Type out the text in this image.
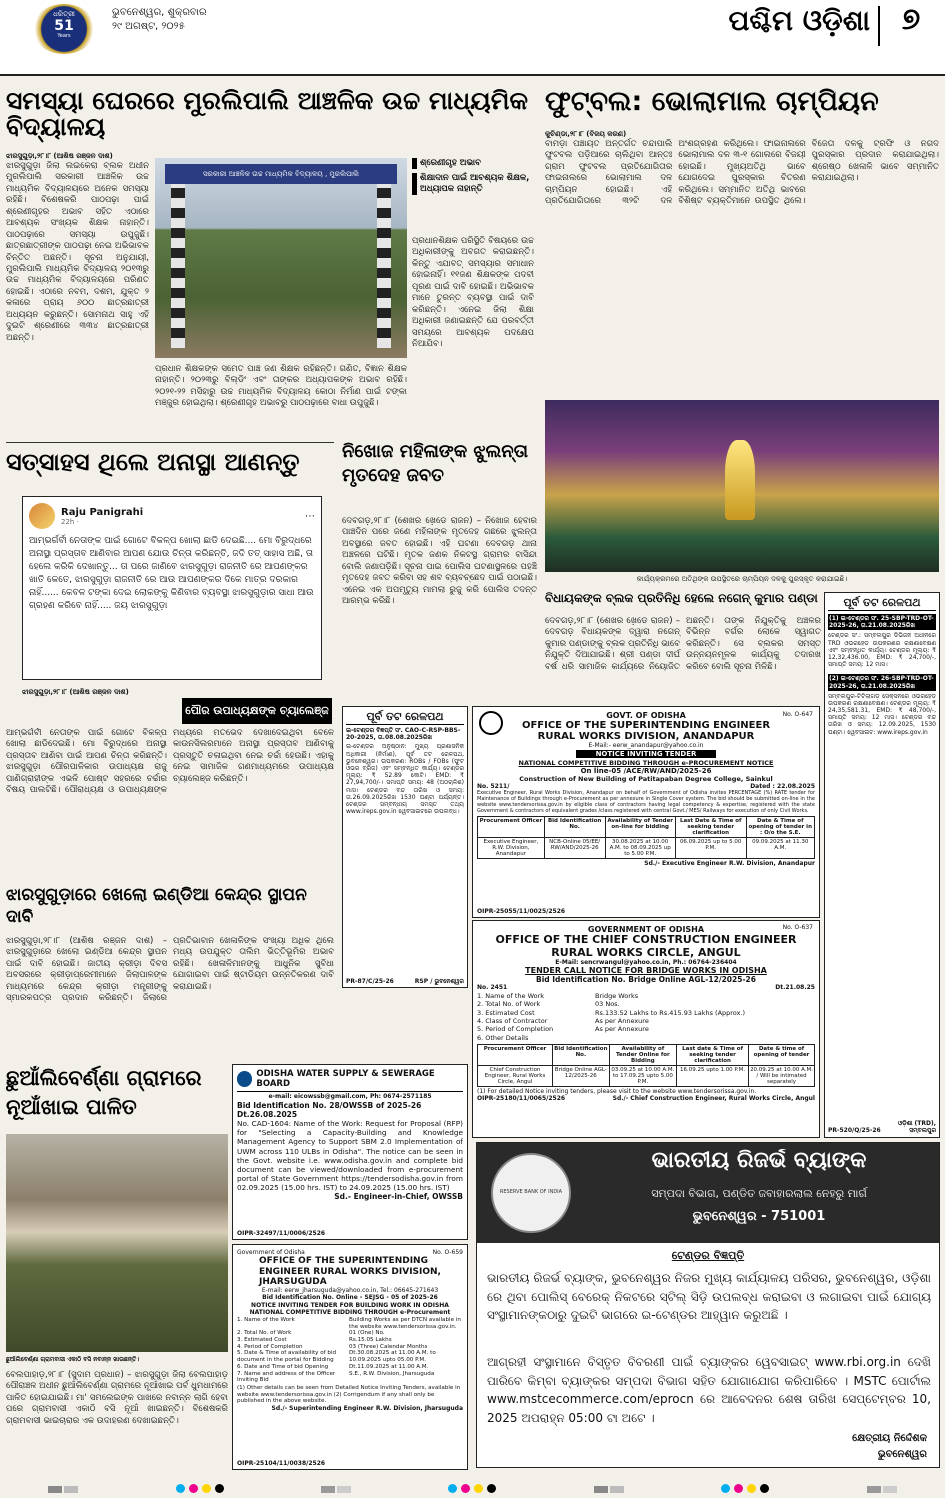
ଧରିତ୍ରୀ
51
Years
ଭୁବନେଶ୍ୱର, ଶୁକ୍ରବାର
୨୯ ଅଗଷ୍ଟ, ୨୦୨୫	ପଶ୍ଚିମ ଓଡ଼ିଶା	୭
ସମସ୍ୟା ଘେରରେ ମୁରଲିପାଲି ଆଞ୍ଚଳିକ ଉଚ୍ଚ ମାଧ୍ୟମିକ ବିଦ୍ୟାଳୟ
ଝାରସୁଗୁଡ଼ା,୨୮।୮ (ଆଶିଷ ରଞ୍ଜନ ଦାଶ)
ଝାରସୁଗୁଡ଼ା ଜିଲା ଲଇକେରା ବ୍ଲକ ଅଧୀନ ମୁରଲିପାଲି ସରକାରୀ ଆଞ୍ଚଳିକ ଉଚ୍ଚ ମାଧ୍ୟମିକ ବିଦ୍ୟାଳୟରେ ଅନେକ ସମସ୍ୟା ରହିଛି। ବିଶେଷକରି ପାଠପଢ଼ା ପାଇଁ ଶ୍ରେଣୀଗୃହର ଅଭାବ ସହିତ ଏଠାରେ ଆବଶ୍ୟକ ସଂଖ୍ୟକ ଶିକ୍ଷକ ନାହାନ୍ତି। ପାଠପଢ଼ାରେ ସମସ୍ୟା ଉପୁଜୁଛି। ଛାତ୍ରଛାତ୍ରୀଙ୍କ ପାଠପଢ଼ା ନେଇ ଅଭିଭାବକ ଚିନ୍ତିତ ଅଛନ୍ତି। ସୂଚନା ଅନୁଯାୟୀ, ମୁରଲିପାଲି ମାଧ୍ୟମିକ ବିଦ୍ୟାଳୟ ୨୦୧୩ରୁ ଉଚ୍ଚ ମାଧ୍ୟମିକ ବିଦ୍ୟାଳୟରେ ପରିଣତ ହୋଇଛି। ଏଠାରେ ନବମ, ଦଶମ, ଯୁକ୍ତ ୨ କଳାରେ ପ୍ରାୟ ୬୦୦ ଛାତ୍ରଛାତ୍ରୀ ଅଧ୍ୟୟନ କରୁଛନ୍ତି। ସୋମନାଥ ସାହୁ ଏହି ଦୁଇଟି ଶ୍ରେଣୀରେ ୩୩୪ ଛାତ୍ରଛାତ୍ରୀ ଅଛନ୍ତି।
ସରକାରୀ ଆଞ୍ଚଳିକ ଉଚ୍ଚ ମାଧ୍ୟମିକ ବିଦ୍ୟାଳୟ , ମୁରଲିପାଲି
ଶ୍ରେଣୀଗୃହ ଅଭାବ
ଶିକ୍ଷାଦାନ ପାଇଁ ଆବଶ୍ୟକ ଶିକ୍ଷକ, ଅଧ୍ୟାପକ ନାହାନ୍ତି
ପ୍ରଧାନଶିକ୍ଷକ ପରିସ୍ଥିତି ବିଷୟରେ ଉଚ୍ଚ ଅଧିକାରୀଙ୍କୁ ଅବଗତ କରାଇଛନ୍ତି। କିନ୍ତୁ ଏଯାବତ୍ ସମସ୍ୟାର ସମାଧାନ ହୋଇନାହିଁ। ୧୧ଜଣ ଶିକ୍ଷକଙ୍କ ପଦବୀ ପୂରଣ ପାଇଁ ଦାବି ହୋଇଛି। ଅଭିଭାବକ ମାନେ ତୁରନ୍ତ ବ୍ୟବସ୍ଥା ପାଇଁ ଦାବି କରିଛନ୍ତି। ଏନେଇ ଜିଲା ଶିକ୍ଷା ଅଧିକାରୀ ଜଣାଇଛନ୍ତି ଯେ ପରବର୍ତ୍ତୀ ସମୟରେ ଆବଶ୍ୟକ ପଦକ୍ଷେପ ନିଆଯିବ।
ପ୍ରଧାନ ଶିକ୍ଷକଙ୍କ ସମେତ ପାଞ୍ଚ ଜଣ ଶିକ୍ଷକ ରହିଛନ୍ତି। ଗଣିତ, ବିଜ୍ଞାନ ଶିକ୍ଷକ ନାହାନ୍ତି। ୨୦୨୩ରୁ ବିଲ୍ଡିଂ ଏବଂ ତାଙ୍କର ଅଧ୍ୟାପକଙ୍କ ଅଭାବ ରହିଛି। ୨୦୨୧-୨୨ ମସିହାରୁ ଉଚ୍ଚ ମାଧ୍ୟମିକ ବିଦ୍ୟାଳୟ କୋଠା ନିର୍ମାଣ ପାଇଁ ଟଙ୍କା ମଞ୍ଜୁର ହୋଇଥିଲା। ଶ୍ରେଣୀଗୃହ ଅଭାବରୁ ପାଠପଢ଼ାରେ ବାଧା ଉପୁଜୁଛି।
ଫୁଟ୍‌ବଲ: ଭୋଲାମାଲ ଚାମ୍ପିୟନ
କୁଚିଣ୍ଡା,୨୮।୮ (ବିଜୟ କରଣ)
ବାମଡ଼ା ପଞ୍ଚାୟତ ଅନ୍ତର୍ଗତ ଚନ୍ଦାପାଲି ଫୁଟବଲ ପଡ଼ିଆରେ ଚାଲିଥିବା ଆନ୍ତଃ ଗ୍ରାମ ଫୁଟବଲ ପ୍ରତିଯୋଗିତାର ଫାଇନାଲରେ ଭୋଲାମାଲ ଦଳ ଚାମ୍ପିୟନ ହୋଇଛି। ଏହି ପ୍ରତିଯୋଗିତାରେ ୩୨ଟି ଦଳ ଅଂଶଗ୍ରହଣ କରିଥିଲେ। ଫାଇନାଲରେ ଭୋଲାମାଲ ଦଳ ୩-୧ ଗୋଲରେ ବିଜୟୀ ହୋଇଛି। ମୁଖ୍ୟଅତିଥି ଭାବେ ଯୋଗଦେଇ ପୁରସ୍କାର ବିତରଣ କରିଥିଲେ। ସମ୍ମାନିତ ଅତିଥି ଭାବରେ ବିଶିଷ୍ଟ ବ୍ୟକ୍ତିମାନେ ଉପସ୍ଥିତ ଥିଲେ। ବିଜେତା ଦଳକୁ ଟ୍ରଫି ଓ ନଗଦ ପୁରସ୍କାର ପ୍ରଦାନ କରାଯାଇଥିଲା। ଶ୍ରେଷ୍ଠ ଖେଳାଳି ଭାବେ ସମ୍ମାନିତ କରାଯାଇଥିଲା।
କାର୍ଯ୍ୟକ୍ରମରେ ଅତିଥିଙ୍କ ଉପସ୍ଥିତରେ ଚାମ୍ପିୟନ ଦଳକୁ ପୁରସ୍କୃତ କରାଯାଇଛି।
ସତ୍‌ସାହସ ଥିଲେ ଅନାସ୍ଥା ଆଣନ୍ତୁ
Raju Panigrahi
22h ·	⋯
ଆମ୍ଭର୍ଗର୍ବୀ ନେତାଙ୍କ ପାଇଁ ଗୋଟେ ବିକଳ୍ପ ଖୋଲା ଛାଡି ଦେଇଛି.... ମୋ ବିରୁଦ୍ଧରେ ଅନାସ୍ଥା ପ୍ରସ୍ତାବ ଆଣିବାର ଆପଣ ଯୋଉ ଚିନ୍ତା କରିଛନ୍ତି, ଜଦି ତତ୍ ସାହାସ ଅଛି, ତା ହେଲେ କରିକି ଦେଖାନ୍ତୁ... ତା ପରେ ଜାଣିବେ ଝାରସୁଗୁଡ଼ା ରାଜନୀତି ରେ ଆପଣଙ୍କର ଖାତି କେତେ, ଝାରସୁଗୁଡ଼ା ରାଜନୀତି ରେ ଆଉ ଆପଣଙ୍କର ଦିକେ ମାତ୍ର ଦରକାର ନାହିଁ...... କେବଳ ଟଙ୍କା ଦେଇ ଲୋକଙ୍କୁ କିଣିବାର ବ୍ୟବସ୍ଥା ଝାରସୁଗୁଡ଼ାର ସାଧା ଆଉ ଗ୍ରହଣ କରିବେ ନାହିଁ..... ଜୟ ଝାରସୁଗୁଡ଼ା
ଝାରସୁଗୁଡ଼ା,୨୮।୮ (ଆଶିଷ ରଞ୍ଜନ ଦାଶ)
ପୌର ଉପାଧ୍ୟକ୍ଷଙ୍କ ଚ୍ୟାଲେଞ୍ଜ
ଆମ୍ଭର୍ଗର୍ବୀ ନେତାଙ୍କ ପାଇଁ ଗୋଟେ ବିକଳ୍ପ ଖୋଲା ଛାଡିଦେଇଛି। ମୋ ବିରୁଦ୍ଧରେ ଅନାସ୍ଥା ପ୍ରସ୍ତାବ ଆଣିବା ପାଇଁ ଆପଣ ଚିନ୍ତା କରିଛନ୍ତି। ଝାରସୁଗୁଡ଼ା ପୌରପାଳିକାର ଉପାଧ୍ୟକ୍ଷ ରାଜୁ ପାଣିଗ୍ରାହୀଙ୍କ ଏଭଳି ପୋଷ୍ଟ ସହରରେ ଚର୍ଚ୍ଚାର ବିଷୟ ପାଲଟିଛି। ପୌରାଧ୍ୟକ୍ଷ ଓ ଉପାଧ୍ୟକ୍ଷଙ୍କ ମଧ୍ୟରେ ମତଭେଦ ଦେଖାଦେଇଥିବା ବେଳେ କାଉନସିଲରମାନେ ଅନାସ୍ଥା ପ୍ରସ୍ତାବ ଆଣିବାକୁ ପ୍ରସ୍ତୁତି ଚଳାଇଥିବା ନେଇ ଚର୍ଚ୍ଚା ହେଉଛି। ଏହାକୁ ନେଇ ସାମାଜିକ ଗଣମାଧ୍ୟମରେ ଉପାଧ୍ୟକ୍ଷ ଚ୍ୟାଲେଞ୍ଜ କରିଛନ୍ତି।
ନିଖୋଜ ମହିଳାଙ୍କ ଝୁଲନ୍ତା ମୃତଦେହ ଜବତ
ଦେବଗଡ଼,୨୮।୮ (ଶେଖର ଖେଡେ଼ ରାଜନ) – ନିଖୋଜ ହେବାର ପାଞ୍ଚଦିନ ପରେ ଜଣେ ମହିଳାଙ୍କ ମୃତଦେହ ଗଛରେ ଝୁଲନ୍ତା ଅବସ୍ଥାରେ ଜବତ ହୋଇଛି। ଏହି ଘଟଣା ଦେବଗଡ଼ ଥାନା ଅଞ୍ଚଳରେ ଘଟିଛି। ମୃତକ ଜଣକ ନିକଟସ୍ଥ ଗ୍ରାମର ବାସିନ୍ଦା ବୋଲି ଜଣାପଡ଼ିଛି। ସୂଚନା ପାଇ ପୋଲିସ ଘଟଣାସ୍ଥଳରେ ପହଞ୍ଚି ମୃତଦେହ ଜବତ କରିବା ସହ ଶବ ବ୍ୟବଚ୍ଛେଦ ପାଇଁ ପଠାଇଛି। ଏନେଇ ଏକ ଅପମୃତ୍ୟୁ ମାମଲା ରୁଜୁ କରି ପୋଲିସ ତଦନ୍ତ ଆରମ୍ଭ କରିଛି।	ବିଧାୟକଙ୍କ ବ୍ଲକ ପ୍ରତିନିଧି ହେଲେ ନଗେନ୍ କୁମାର ପଣ୍ଡା
ଦେବଗଡ଼,୨୮।୮ (ଶେଖର ଖେଡେ଼ ରାଜନ) – ଦେବଗଡ଼ ବିଧାୟକଙ୍କ ଦ୍ୱାରା ନଗେନ୍ କୁମାର ପଣ୍ଡାଙ୍କୁ ବ୍ଲକ ପ୍ରତିନିଧି ଭାବେ ନିଯୁକ୍ତି ଦିଆଯାଇଛି। ଶ୍ରୀ ପଣ୍ଡା ଦୀର୍ଘ ବର୍ଷ ଧରି ସାମାଜିକ କାର୍ଯ୍ୟରେ ନିୟୋଜିତ ଅଛନ୍ତି। ତାଙ୍କ ନିଯୁକ୍ତିକୁ ଅଞ୍ଚଳର ବିଭିନ୍ନ ବର୍ଗର ଲୋକେ ସ୍ୱାଗତ କରିଛନ୍ତି। ସେ ବ୍ଲକର ସମସ୍ତ ଉନ୍ନୟନମୂଳକ କାର୍ଯ୍ୟକୁ ତଦାରଖ କରିବେ ବୋଲି ସୂଚନା ମିଳିଛି।
ପୂର୍ବ ତଟ ରେଳପଥ
ଇ-ଟେଣ୍ଡର ବିଜ୍ଞପ୍ତି ସଂ. CAO-C-RSP-BBS-20-2025, ତା.08.08.2025ରିଖ
ଇ-ଟେଣ୍ଡର ଅନୁଷ୍ଠାନ: ମୁଖ୍ୟ ପ୍ରଶାସନିକ ଅଧିକାରୀ (ନିର୍ମାଣ), ପୂର୍ବ ତଟ ରେଳପଥ, ଭୁବନେଶ୍ୱର। ଉପକରଣ: ROBs / FOBs (ଫୁଟ ଓଭର ବ୍ରିଜ) ଏବଂ ସମ୍ବନ୍ଧିତ କାର୍ଯ୍ୟ। ଟେଣ୍ଡର ମୂଲ୍ୟ: ₹ 52.89 କୋଟି। EMD: ₹ 27,94,700/-। ସମାପ୍ତି ସମୟ: 48 (ଅଠଚାଳିଶ) ମାସ। ଟେଣ୍ଡର ବନ୍ଦ ତାରିଖ ଓ ସମୟ: ତା.26.09.2025ରିଖ 1530 ଘଣ୍ଟା ପର୍ଯ୍ୟନ୍ତ। ଟେଣ୍ଡର ସମ୍ବନ୍ଧୀୟ ସମସ୍ତ ତଥ୍ୟ www.ireps.gov.in ୱେବସାଇଟରେ ଉପଲବ୍ଧ।
PR-87/C/25-26	RSP / ଭୁବନେଶ୍ୱର
No. O-647
GOVT. OF ODISHA
OFFICE OF THE SUPERINTENDING ENGINEER RURAL WORKS DIVISION, ANANDAPUR
E-Mail:- eerw_anandapur@yahoo.co.in
NOTICE INVITING TENDER
NATIONAL COMPETITIVE BIDDING THROUGH e-PROCUREMENT NOTICE
On line-05 /ACE/RW/AND/2025-26
Construction of New Building of Patitapaban Degree College, Sainkul
No. 5211/	Dated : 22.08.2025
Executive Engineer, Rural Works Division, Anandapur on behalf of Government of Odisha invites PERCENTAGE (%) RATE tender for Maintenance of Buildings through e-Procurement as per annexure in Single Cover system. The bid should be submitted on-line in the website www.tendersorissa.gov.in by eligible class of contractors having legal competency & expertise, registered with the state Government & contractors of equivalent grades /class registered with central Govt./ MES/ Railways for execution of only Civil Works.
Procurement Officer	Bid Identification No.	Availability of Tender on-line for bidding	Last Date & Time of seeking tender clarification	Date & Time of opening of tender in : O/o the S.E.
Executive Engineer, R.W. Division, Anandapur	NCB-Online 05/EE/ RW/AND/2025-26	30.08.2025 at 10.00 A.M. to 08.09.2025 up to 5.00 P.M.	06.09.2025 up to 5.00 P.M.	09.09.2025 at 11.30 A.M.
Sd./- Executive Engineer R.W. Division, Anandapur
OIPR-25055/11/0025/2526
No. O-637
GOVERNMENT OF ODISHA
OFFICE OF THE CHIEF CONSTRUCTION ENGINEER RURAL WORKS CIRCLE, ANGUL
E-Mail: sencrwangul@yahoo.co.in, Ph.: 06764-236404
TENDER CALL NOTICE FOR BRIDGE WORKS IN ODISHA
Bid Identification No. Bridge Online AGL-12/2025-26
No. 2451	Dt.21.08.25
1. Name of the Work	Bridge Works
2. Total No. of Work	03 Nos.
3. Estimated Cost	Rs.133.52 Lakhs to Rs.415.93 Lakhs (Approx.)
4. Class of Contractor	As per Annexure
5. Period of Completion	As per Annexure
6. Other Details
Procurement Officer	Bid Identification No.	Availability of Tender Online for Bidding	Last date & Time of seeking tender clarification	Date & time of opening of tender
Chief Construction Engineer, Rural Works Circle, Angul	Bridge Online AGL-12/2025-26	03.09.25 at 10.00 A.M. to 17.09.25 upto 5.00 P.M.	16.09.25 upto 1.00 P.M.	20.09.25 at 10.00 A.M. / Will be intimated separately
(1) For detailed Notice inviting tenders, please visit to the website www.tendersorissa.gov.in.
OIPR-25180/11/0065/2526	Sd./- Chief Construction Engineer, Rural Works Circle, Angul
ପୂର୍ବ ତଟ ରେଳପଥ
(1) ଇ-ଟେଣ୍ଡର ସଂ. 25-SBP-TRD-OT-2025-26, ତା.21.08.2025ରିଖ
ଟେଣ୍ଡର ସଂ.: ସମ୍ବଲପୁର ଡିଭିଜନ ଅଧୀନରେ TRD ଓଭରହେଡ ଉପକରଣର ରକ୍ଷଣାବେକ୍ଷଣ ଏବଂ ସମ୍ବନ୍ଧିତ କାର୍ଯ୍ୟ। ଟେଣ୍ଡର ମୂଲ୍ୟ: ₹ 12,32,436.00, EMD: ₹ 24,700/-, ସମାପ୍ତି ସମୟ: 12 ମାସ।
(2) ଇ-ଟେଣ୍ଡର ସଂ. 26-SBP-TRD-OT-2025-26, ତା.21.08.2025ରିଖ
ସମ୍ବଲପୁର-ଟିଟିଲାଗଡ଼ ସେକ୍ସନରେ ଓଭରହେଡ ଉପକରଣ ରକ୍ଷଣାବେକ୍ଷଣ। ଟେଣ୍ଡର ମୂଲ୍ୟ: ₹ 24,35,581.31, EMD: ₹ 48,700/-, ସମାପ୍ତି ସମୟ: 12 ମାସ। ଟେଣ୍ଡର ବନ୍ଦ ତାରିଖ ଓ ସମୟ: 12.09.2025, 1530 ଘଣ୍ଟା। ୱେବସାଇଟ: www.ireps.gov.in
PR-520/Q/25-26
ଓଡ଼ିଶା (TRD), ସମ୍ବଲପୁର
ଝାରସୁଗୁଡ଼ାରେ ଖେଲୋ ଇଣ୍ଡିଆ କେନ୍ଦ୍ର ସ୍ଥାପନ ଦାବି
ଝାରସୁଗୁଡ଼ା,୨୮।୮ (ଆଶିଷ ରଞ୍ଜନ ଦାଶ) – ଝାରସୁଗୁଡ଼ାରେ ଖେଲୋ ଇଣ୍ଡିଆ କେନ୍ଦ୍ର ସ୍ଥାପନ ପାଇଁ ଦାବି ହୋଇଛି। ଜାତୀୟ କ୍ରୀଡ଼ା ଦିବସ ଅବସରରେ କ୍ରୀଡ଼ାପ୍ରେମୀମାନେ ଜିଲାପାଳଙ୍କ ମାଧ୍ୟମରେ କେନ୍ଦ୍ର କ୍ରୀଡ଼ା ମନ୍ତ୍ରୀଙ୍କୁ ସ୍ମାରକପତ୍ର ପ୍ରଦାନ କରିଛନ୍ତି। ଜିଲାରେ ପ୍ରତିଭାବାନ ଖେଳାଳିଙ୍କ ସଂଖ୍ୟା ଅଧିକ ଥିଲେ ମଧ୍ୟ ଉପଯୁକ୍ତ ତାଲିମ ଭିତ୍ତିଭୂମିର ଅଭାବ ରହିଛି। ଖେଳାଳିମାନଙ୍କୁ ଆଧୁନିକ ସୁବିଧା ଯୋଗାଇବା ପାଇଁ ଷ୍ଟାଡିୟମ ଉନ୍ନତିକରଣ ଦାବି କରାଯାଇଛି।
ଛୁଆଁଲିବେର୍ଣ୍ଣା ଗ୍ରାମରେ ନୂଆଁଖାଇ ପାଳିତ
ଛୁଆଁଲିବେର୍ଣ୍ଣା ଗ୍ରାମବାସୀ ଏକାଠି ବସି ନବାନ୍ନ ଖାଉଛନ୍ତି।
ବେଲପାହାଡ଼,୨୮।୮ (ସୁଦାମ ପ୍ରଧାନ) – ଝାରସୁଗୁଡ଼ା ଜିଲା ବେଲପାହାଡ଼ ପୌରାଞ୍ଚଳ ଅଧୀନ ଛୁଆଁଲିବେର୍ଣ୍ଣା ଗ୍ରାମରେ ନୂଆଁଖାଇ ପର୍ବ ଧୁମଧାମରେ ପାଳିତ ହୋଇଯାଇଛି। ମା' ସମଲେଇଙ୍କ ପାଖରେ ନବାନ୍ନ ଲାଗି ହେବା ପରେ ଗ୍ରାମବାସୀ ଏକାଠି ବସି ନୂଆଁ ଖାଇଛନ୍ତି। ବିଶେଷକରି ଗ୍ରାମବାସୀ ଭାଇଚାରାର ଏକ ଉଦାହରଣ ଦେଖାଇଛନ୍ତି।
ODISHA WATER SUPPLY & SEWERAGE BOARD
e-mail: eicowssb@gmail.com, Ph: 0674-2571185
Bid Identification No. 28/OWSSB of 2025-26 Dt.26.08.2025
No. CAD-1604: Name of the Work: Request for Proposal (RFP) for "Selecting a Capacity-Building and Knowledge Management Agency to Support SBM 2.0 Implementation of UWM across 110 ULBs in Odisha". The notice can be seen in the Govt. website i.e. www.odisha.gov.in and complete bid document can be viewed/downloaded from e-procurement portal of State Government https://tendersodisha.gov.in from 02.09.2025 (15.00 hrs. IST) to 24.09.2025 (15.00 hrs. IST)
Sd.- Engineer-in-Chief, OWSSB
OIPR-32497/11/0006/2526
Government of Odisha	No. O-659
OFFICE OF THE SUPERINTENDING ENGINEER RURAL WORKS DIVISION, JHARSUGUDA
E-mail: eerw_jharsuguda@yahoo.co.in, Tel.: 06645-271643
Bid Identification No. Online - SEJSG - 05 of 2025-26
NOTICE INVITING TENDER FOR BUILDING WORK IN ODISHA NATIONAL COMPETITIVE BIDDING THROUGH e-Procurement
1. Name of the Work	Building Works as per DTCN available in the website www.tendersorissa.gov.in.
2. Total No. of Work	01 (One) No.
3. Estimated Cost	Rs.15.05 Lakhs
4. Period of Completion	03 (Three) Calendar Months
5. Date & Time of availability of bid document in the portal for Bidding
Dt.30.08.2025 at 11.00 A.M. to 10.09.2025 upto 05.00 P.M.
6. Date and Time of bid Opening	Dt.11.09.2025 at 11.00 A.M.
7. Name and address of the Officer Inviting Bid
S.E., R.W. Division, Jharsuguda
(1) Other details can be seen from Detailed Notice Inviting Tenders, available in website www.tendersorissa.gov.in (2) Corrigendum if any shall only be published in the above website.
Sd./- Superintending Engineer R.W. Division, Jharsuguda
OIPR-25104/11/0038/2526
RESERVE BANK OF INDIA
ଭାରତୀୟ ରିଜର୍ଭ ବ୍ୟାଙ୍କ
ସମ୍ପଦା ବିଭାଗ, ପଣ୍ଡିତ ଜବାହାରଲାଲ ନେହରୁ ମାର୍ଗ
ଭୁବନେଶ୍ୱର - 751001
ଟେଣ୍ଡର ବିଜ୍ଞପ୍ତି
ଭାରତୀୟ ରିଜର୍ଭ ବ୍ୟାଙ୍କ, ଭୁବନେଶ୍ୱର ନିଜର ମୁଖ୍ୟ କାର୍ଯ୍ୟାଳୟ ପରିସର, ଭୁବନେଶ୍ୱର, ଓଡ଼ିଶା ରେ ଥିବା ପୋଲିସ୍ ବେରେକ୍ ନିକଟରେ ସ୍ଟିଲ୍ ସିଡ଼ି ଉପଲବ୍ଧ କରାଇବା ଓ ଲଗାଇବା ପାଇଁ ଯୋଗ୍ୟ ସଂସ୍ଥାମାନଙ୍କଠାରୁ ଦୁଇଟି ଭାଗରେ ଇ-ଟେଣ୍ଡର ଆହ୍ୱାନ କରୁଅଛି ।
ଆଗ୍ରହୀ ସଂସ୍ଥାମାନେ ବିସ୍ତୃତ ବିବରଣୀ ପାଇଁ ବ୍ୟାଙ୍କର ୱେବସାଇଟ୍ www.rbi.org.in ଦେଖି ପାରିବେ କିମ୍ବା ବ୍ୟାଙ୍କର ସମ୍ପଦା ବିଭାଗ ସହିତ ଯୋଗାଯୋଗ କରିପାରିବେ । MSTC ପୋର୍ଟାଲ www.mstcecommerce.com/eprocn ରେ ଆବେଦନର ଶେଷ ତାରିଖ ସେପ୍ଟେମ୍ବର 10, 2025 ଅପରାହ୍ନ 05:00 ଟା ଅଟେ ।
କ୍ଷେତ୍ରୀୟ ନିର୍ଦ୍ଦେଶକ
ଭୁବନେଶ୍ୱର
